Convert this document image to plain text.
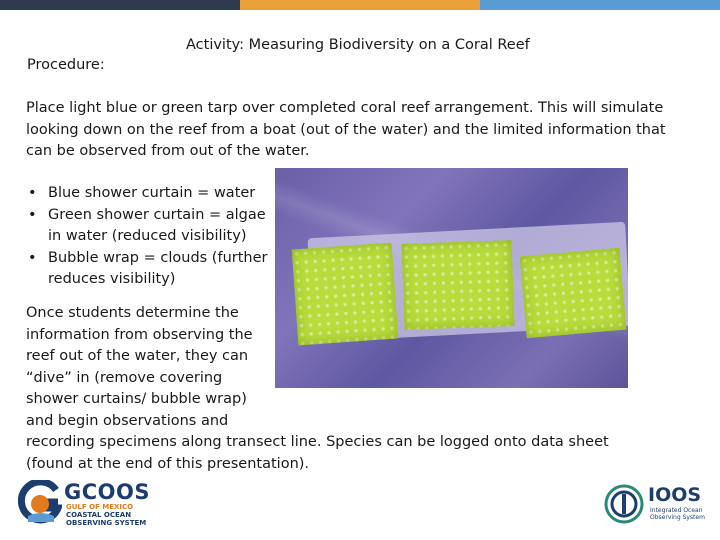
Activity: Measuring Biodiversity on a Coral Reef
Procedure:
Place light blue or green tarp over completed coral reef arrangement. This will simulate looking down on the reef from a boat (out of the water) and the limited information that can be observed from out of the water.
• Blue shower curtain = water
• Green shower curtain = algae in water (reduced visibility)
• Bubble wrap = clouds (further reduces visibility)
Once students determine the information from observing the reef out of the water, they can “dive” in (remove covering shower curtains/ bubble wrap) and begin observations and recording specimens along transect line. Species can be logged onto data sheet (found at the end of this presentation).
GCOOS
GULF OF MEXICO
COASTAL OCEAN
OBSERVING SYSTEM
IOOS
Integrated Ocean
Observing System
